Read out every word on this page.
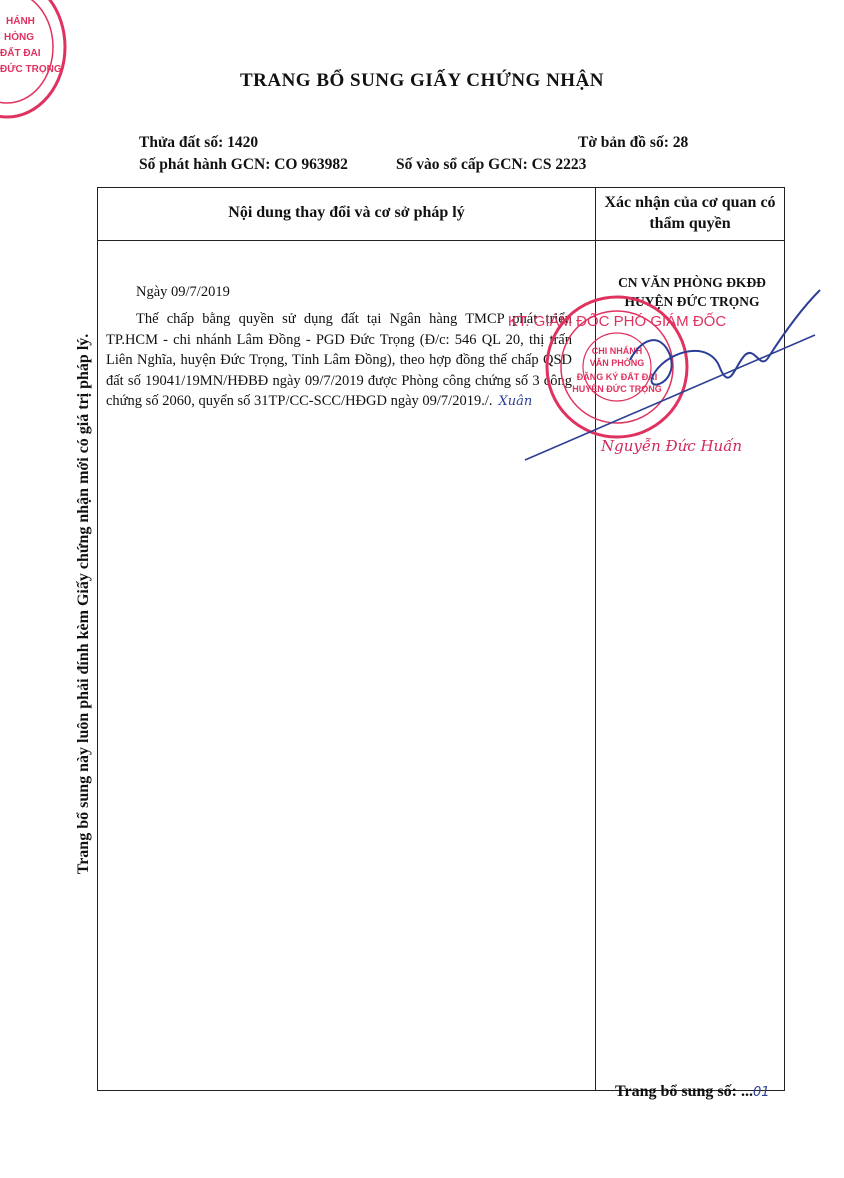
HÁNH
HÒNG
ĐẤT ĐAI
ĐỨC TRỌNG
TRANG BỔ SUNG GIẤY CHỨNG NHẬN
Thửa đất số: 1420	Tờ bản đồ số: 28
Số phát hành GCN: CO 963982	Số vào sổ cấp GCN: CS 2223
Nội dung thay đổi và cơ sở pháp lý
Xác nhận của cơ quan có thẩm quyền
Ngày 09/7/2019
Thế chấp bằng quyền sử dụng đất tại Ngân hàng TMCP phát triển TP.HCM - chi nhánh Lâm Đồng - PGD Đức Trọng (Đ/c: 546 QL 20, thị trấn Liên Nghĩa, huyện Đức Trọng, Tỉnh Lâm Đồng), theo hợp đồng thế chấp QSD đất số 19041/19MN/HĐBĐ ngày 09/7/2019 được Phòng công chứng số 3 công chứng số 2060, quyển số 31TP/CC-SCC/HĐGD ngày 09/7/2019./. Xuân
CN VĂN PHÒNG ĐKĐĐ
HUYỆN ĐỨC TRỌNG
CHI NHÁNH
VĂN PHÒNG
ĐĂNG KÝ ĐẤT ĐAI
HUYỆN ĐỨC TRỌNG
KT. GIÁM ĐỐC PHÓ GIÁM ĐỐC
Nguyễn Đức Huấn
Trang bổ sung này luôn phải đính kèm Giấy chứng nhận mới có giá trị pháp lý.
Trang bổ sung số: ...01
